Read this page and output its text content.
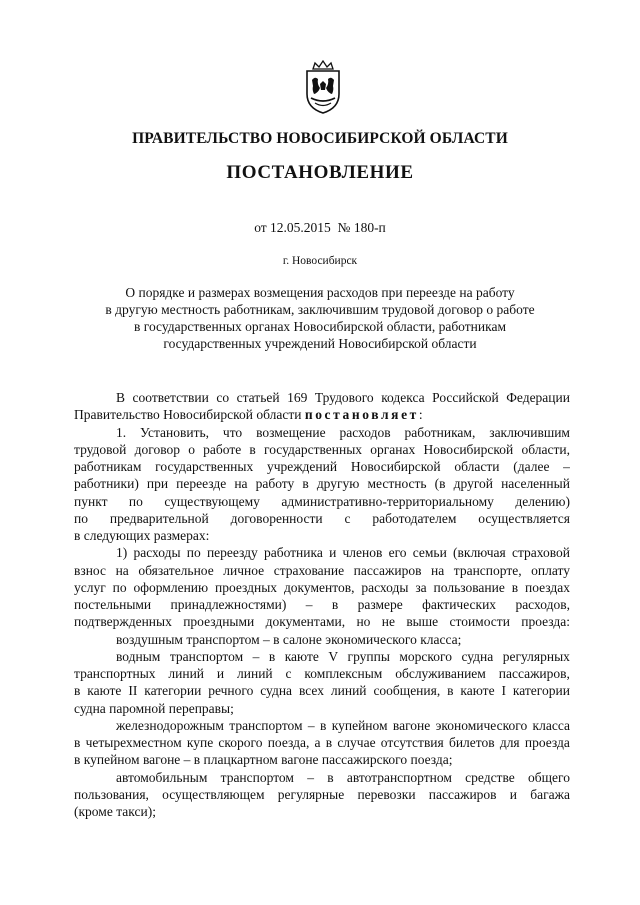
ПРАВИТЕЛЬСТВО НОВОСИБИРСКОЙ ОБЛАСТИ
ПОСТАНОВЛЕНИЕ
от 12.05.2015 № 180-п
г. Новосибирск
О порядке и размерах возмещения расходов при переезде на работу
в другую местность работникам, заключившим трудовой договор о работе
в государственных органах Новосибирской области, работникам
государственных учреждений Новосибирской области
В соответствии со статьей 169 Трудового кодекса Российской Федерации
Правительство Новосибирской области
постановляет :
1. Установить, что возмещение расходов работникам, заключившим
трудовой договор о работе в государственных органах Новосибирской области,
работникам государственных учреждений Новосибирской области (далее –
работники) при переезде на работу в другую местность (в другой населенный
пункт по существующему административно-территориальному делению)
по предварительной договоренности с работодателем осуществляется
в следующих размерах:
1) расходы по переезду работника и членов его семьи (включая страховой
взнос на обязательное личное страхование пассажиров на транспорте, оплату
услуг по оформлению проездных документов, расходы за пользование в поездах
постельными принадлежностями) – в размере фактических расходов,
подтвержденных проездными документами, но не выше стоимости проезда:
воздушным транспортом – в салоне экономического класса;
водным транспортом – в каюте V группы морского судна регулярных
транспортных линий и линий с комплексным обслуживанием пассажиров,
в каюте II категории речного судна всех линий сообщения, в каюте I категории
судна паромной переправы;
железнодорожным транспортом – в купейном вагоне экономического класса
в четырехместном купе скорого поезда, а в случае отсутствия билетов для проезда
в купейном вагоне – в плацкартном вагоне пассажирского поезда;
автомобильным транспортом – в автотранспортном средстве общего
пользования, осуществляющем регулярные перевозки пассажиров и багажа
(кроме такси);
